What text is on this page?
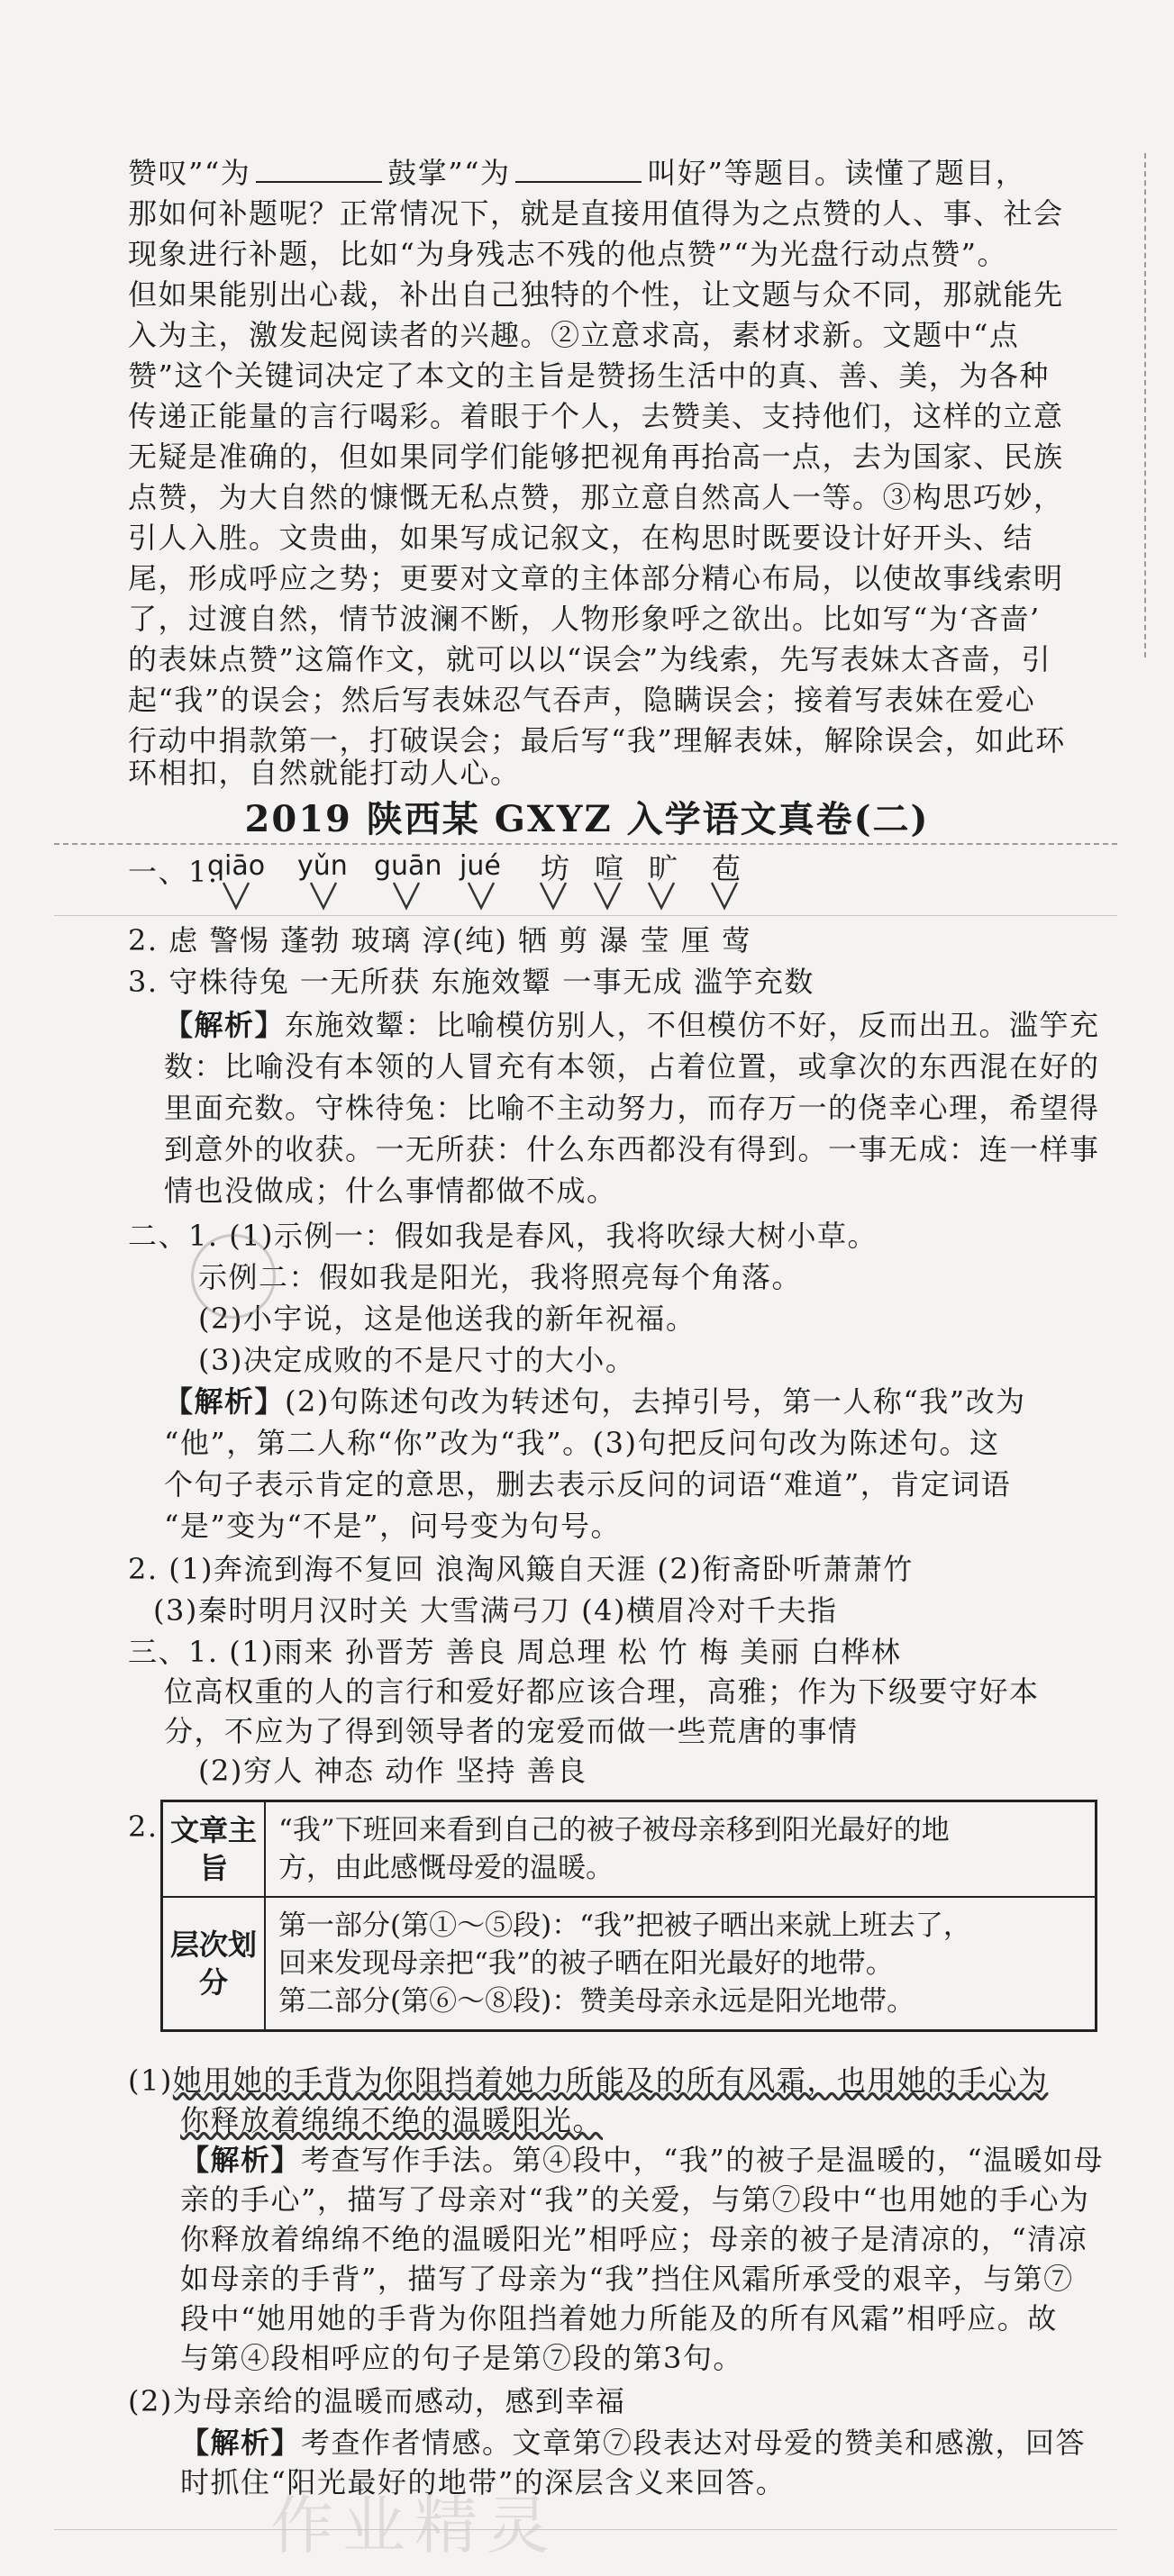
赞叹”“为	鼓掌”“为	叫好”等题目。读懂了题目，
那如何补题呢？正常情况下，就是直接用值得为之点赞的人、事、社会
现象进行补题，比如“为身残志不残的他点赞”“为光盘行动点赞”。
但如果能别出心裁，补出自己独特的个性，让文题与众不同，那就能先
入为主，激发起阅读者的兴趣。②立意求高，素材求新。文题中“点
赞”这个关键词决定了本文的主旨是赞扬生活中的真、善、美，为各种
传递正能量的言行喝彩。着眼于个人，去赞美、支持他们，这样的立意
无疑是准确的，但如果同学们能够把视角再抬高一点，去为国家、民族
点赞，为大自然的慷慨无私点赞，那立意自然高人一等。③构思巧妙，
引人入胜。文贵曲，如果写成记叙文，在构思时既要设计好开头、结
尾，形成呼应之势；更要对文章的主体部分精心布局，以使故事线索明
了，过渡自然，情节波澜不断，人物形象呼之欲出。比如写“为‘吝啬’
的表妹点赞”这篇作文，就可以以“误会”为线索，先写表妹太吝啬，引
起“我”的误会；然后写表妹忍气吞声，隐瞒误会；接着写表妹在爱心
行动中捐款第一，打破误会；最后写“我”理解表妹，解除误会，如此环
环相扣，自然就能打动人心。
2019 陕西某 GXYZ 入学语文真卷(二)
一、1.
qiāo yǔn guān jué 坊 喧 旷 苞
2. 虑 警惕 蓬勃 玻璃 淳(纯) 牺 剪 瀑 莹 厘 莺
3. 守株待兔 一无所获 东施效颦 一事无成 滥竽充数
【解析】东施效颦：比喻模仿别人，不但模仿不好，反而出丑。滥竽充
数：比喻没有本领的人冒充有本领，占着位置，或拿次的东西混在好的
里面充数。守株待兔：比喻不主动努力，而存万一的侥幸心理，希望得
到意外的收获。一无所获：什么东西都没有得到。一事无成：连一样事
情也没做成；什么事情都做不成。
二、1. (1)示例一：假如我是春风，我将吹绿大树小草。
示例二：假如我是阳光，我将照亮每个角落。
(2)小宇说，这是他送我的新年祝福。
(3)决定成败的不是尺寸的大小。
【解析】(2)句陈述句改为转述句，去掉引号，第一人称“我”改为
“他”，第二人称“你”改为“我”。(3)句把反问句改为陈述句。这
个句子表示肯定的意思，删去表示反问的词语“难道”，肯定词语
“是”变为“不是”，问号变为句号。
2. (1)奔流到海不复回 浪淘风簸自天涯 (2)衔斋卧听萧萧竹
(3)秦时明月汉时关 大雪满弓刀 (4)横眉冷对千夫指
三、1. (1)雨来 孙晋芳 善良 周总理 松 竹 梅 美丽 白桦林
位高权重的人的言行和爱好都应该合理，高雅；作为下级要守好本
分，不应为了得到领导者的宠爱而做一些荒唐的事情
(2)穷人 神态 动作 坚持 善良
2. 文章主旨	“我”下班回来看到自己的被子被母亲移到阳光最好的地
方，由此感慨母爱的温暖。

层次划分	第一部分(第①～⑤段)：“我”把被子晒出来就上班去了，
回来发现母亲把“我”的被子晒在阳光最好的地带。
第二部分(第⑥～⑧段)：赞美母亲永远是阳光地带。
(1)她用她的手背为你阻挡着她力所能及的所有风霜，也用她的手心为
你释放着绵绵不绝的温暖阳光。
【解析】考查写作手法。第④段中，“我”的被子是温暖的，“温暖如母
亲的手心”，描写了母亲对“我”的关爱，与第⑦段中“也用她的手心为
你释放着绵绵不绝的温暖阳光”相呼应；母亲的被子是清凉的，“清凉
如母亲的手背”，描写了母亲为“我”挡住风霜所承受的艰辛，与第⑦
段中“她用她的手背为你阻挡着她力所能及的所有风霜”相呼应。故
与第④段相呼应的句子是第⑦段的第3句。
(2)为母亲给的温暖而感动，感到幸福
【解析】考查作者情感。文章第⑦段表达对母爱的赞美和感激，回答
时抓住“阳光最好的地带”的深层含义来回答。
作业精灵
